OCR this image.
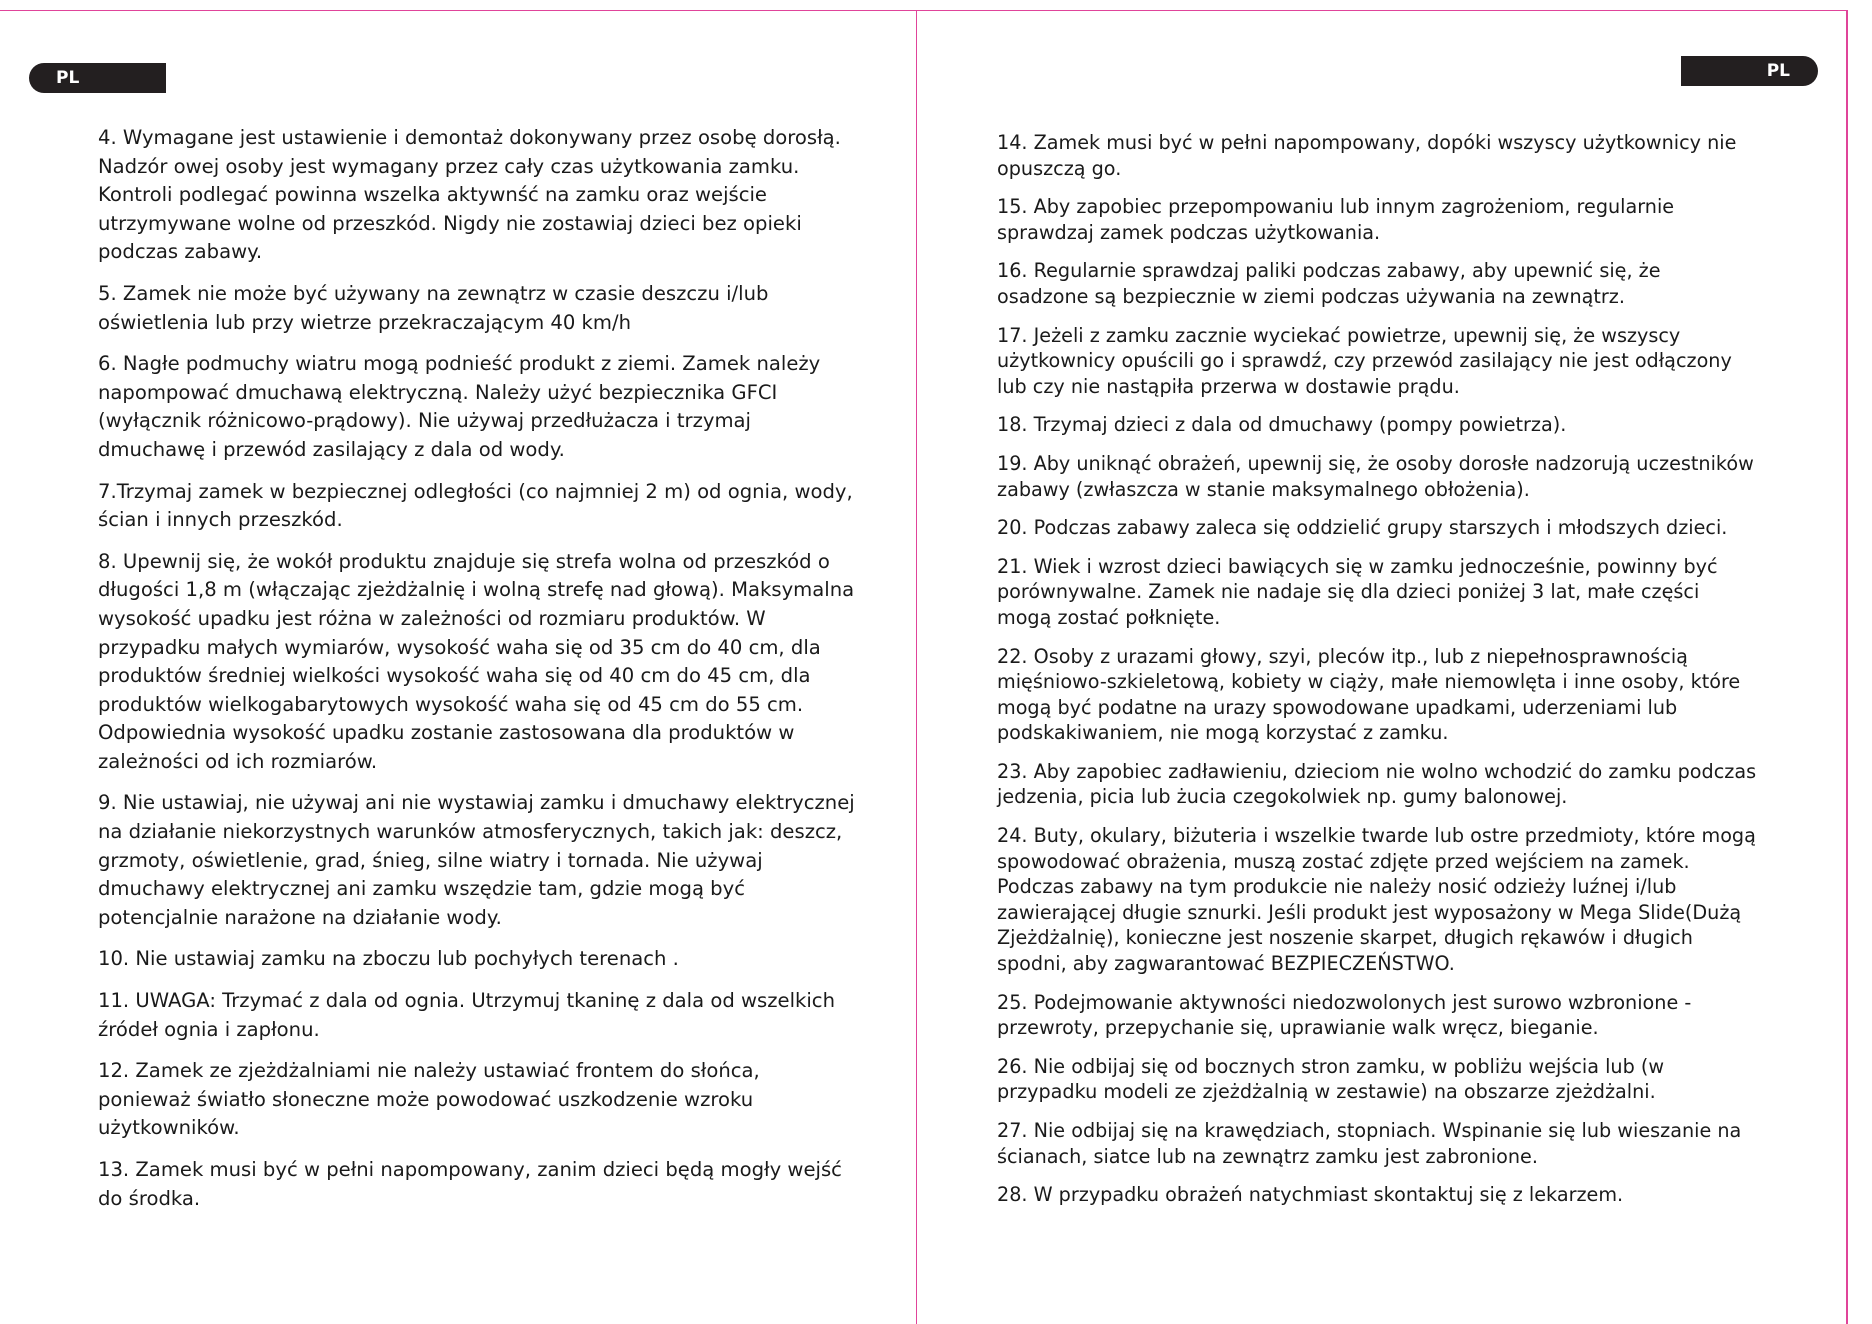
PL	PL

4. Wymagane jest ustawienie i demontaż dokonywany przez osobę dorosłą. Nadzór owej osoby jest wymagany przez cały czas użytkowania zamku. Kontroli podlegać powinna wszelka aktywnść na zamku oraz wejście utrzymywane wolne od przeszkód. Nigdy nie zostawiaj dzieci bez opieki podczas zabawy.

5. Zamek nie może być używany na zewnątrz w czasie deszczu i/lub oświetlenia lub przy wietrze przekraczającym 40 km/h

6. Nagłe podmuchy wiatru mogą podnieść produkt z ziemi. Zamek należy napompować dmuchawą elektryczną. Należy użyć bezpiecznika GFCI (wyłącznik różnicowo-prądowy). Nie używaj przedłużacza i trzymaj dmuchawę i przewód zasilający z dala od wody.

7.Trzymaj zamek w bezpiecznej odległości (co najmniej 2 m) od ognia, wody, ścian i innych przeszkód.

8. Upewnij się, że wokół produktu znajduje się strefa wolna od przeszkód o długości 1,8 m (włączając zjeżdżalnię i wolną strefę nad głową). Maksymalna wysokość upadku jest różna w zależności od rozmiaru produktów. W przypadku małych wymiarów, wysokość waha się od 35 cm do 40 cm, dla produktów średniej wielkości wysokość waha się od 40 cm do 45 cm, dla produktów wielkogabarytowych wysokość waha się od 45 cm do 55 cm. Odpowiednia wysokość upadku zostanie zastosowana dla produktów w zależności od ich rozmiarów.

9. Nie ustawiaj, nie używaj ani nie wystawiaj zamku i dmuchawy elektrycznej na działanie niekorzystnych warunków atmosferycznych, takich jak: deszcz, grzmoty, oświetlenie, grad, śnieg, silne wiatry i tornada. Nie używaj dmuchawy elektrycznej ani zamku wszędzie tam, gdzie mogą być potencjalnie narażone na działanie wody.

10. Nie ustawiaj zamku na zboczu lub pochyłych terenach .

11. UWAGA: Trzymać z dala od ognia. Utrzymuj tkaninę z dala od wszelkich źródeł ognia i zapłonu.

12. Zamek ze zjeżdżalniami nie należy ustawiać frontem do słońca, ponieważ światło słoneczne może powodować uszkodzenie wzroku użytkowników.

13. Zamek musi być w pełni napompowany, zanim dzieci będą mogły wejść do środka.

14. Zamek musi być w pełni napompowany, dopóki wszyscy użytkownicy nie opuszczą go.

15. Aby zapobiec przepompowaniu lub innym zagrożeniom, regularnie sprawdzaj zamek podczas użytkowania.

16. Regularnie sprawdzaj paliki podczas zabawy, aby upewnić się, że osadzone są bezpiecznie w ziemi podczas używania na zewnątrz.

17. Jeżeli z zamku zacznie wyciekać powietrze, upewnij się, że wszyscy użytkownicy opuścili go i sprawdź, czy przewód zasilający nie jest odłączony lub czy nie nastąpiła przerwa w dostawie prądu.

18. Trzymaj dzieci z dala od dmuchawy (pompy powietrza).

19. Aby uniknąć obrażeń, upewnij się, że osoby dorosłe nadzorują uczestników zabawy (zwłaszcza w stanie maksymalnego obłożenia).

20. Podczas zabawy zaleca się oddzielić grupy starszych i młodszych dzieci.

21. Wiek i wzrost dzieci bawiących się w zamku jednocześnie, powinny być porównywalne. Zamek nie nadaje się dla dzieci poniżej 3 lat, małe części mogą zostać połknięte.

22. Osoby z urazami głowy, szyi, pleców itp., lub z niepełnosprawnością mięśniowo-szkieletową, kobiety w ciąży, małe niemowlęta i inne osoby, które mogą być podatne na urazy spowodowane upadkami, uderzeniami lub podskakiwaniem, nie mogą korzystać z zamku.

23. Aby zapobiec zadławieniu, dzieciom nie wolno wchodzić do zamku podczas jedzenia, picia lub żucia czegokolwiek np. gumy balonowej.

24. Buty, okulary, biżuteria i wszelkie twarde lub ostre przedmioty, które mogą spowodować obrażenia, muszą zostać zdjęte przed wejściem na zamek. Podczas zabawy na tym produkcie nie należy nosić odzieży luźnej i/lub zawierającej długie sznurki. Jeśli produkt jest wyposażony w Mega Slide(Dużą Zjeżdżalnię), konieczne jest noszenie skarpet, długich rękawów i długich spodni, aby zagwarantować BEZPIECZEŃSTWO.

25. Podejmowanie aktywności niedozwolonych jest surowo wzbronione - przewroty, przepychanie się, uprawianie walk wręcz, bieganie.

26. Nie odbijaj się od bocznych stron zamku, w pobliżu wejścia lub (w przypadku modeli ze zjeżdżalnią w zestawie) na obszarze zjeżdżalni.

27. Nie odbijaj się na krawędziach, stopniach. Wspinanie się lub wieszanie na ścianach, siatce lub na zewnątrz zamku jest zabronione.

28. W przypadku obrażeń natychmiast skontaktuj się z lekarzem.
